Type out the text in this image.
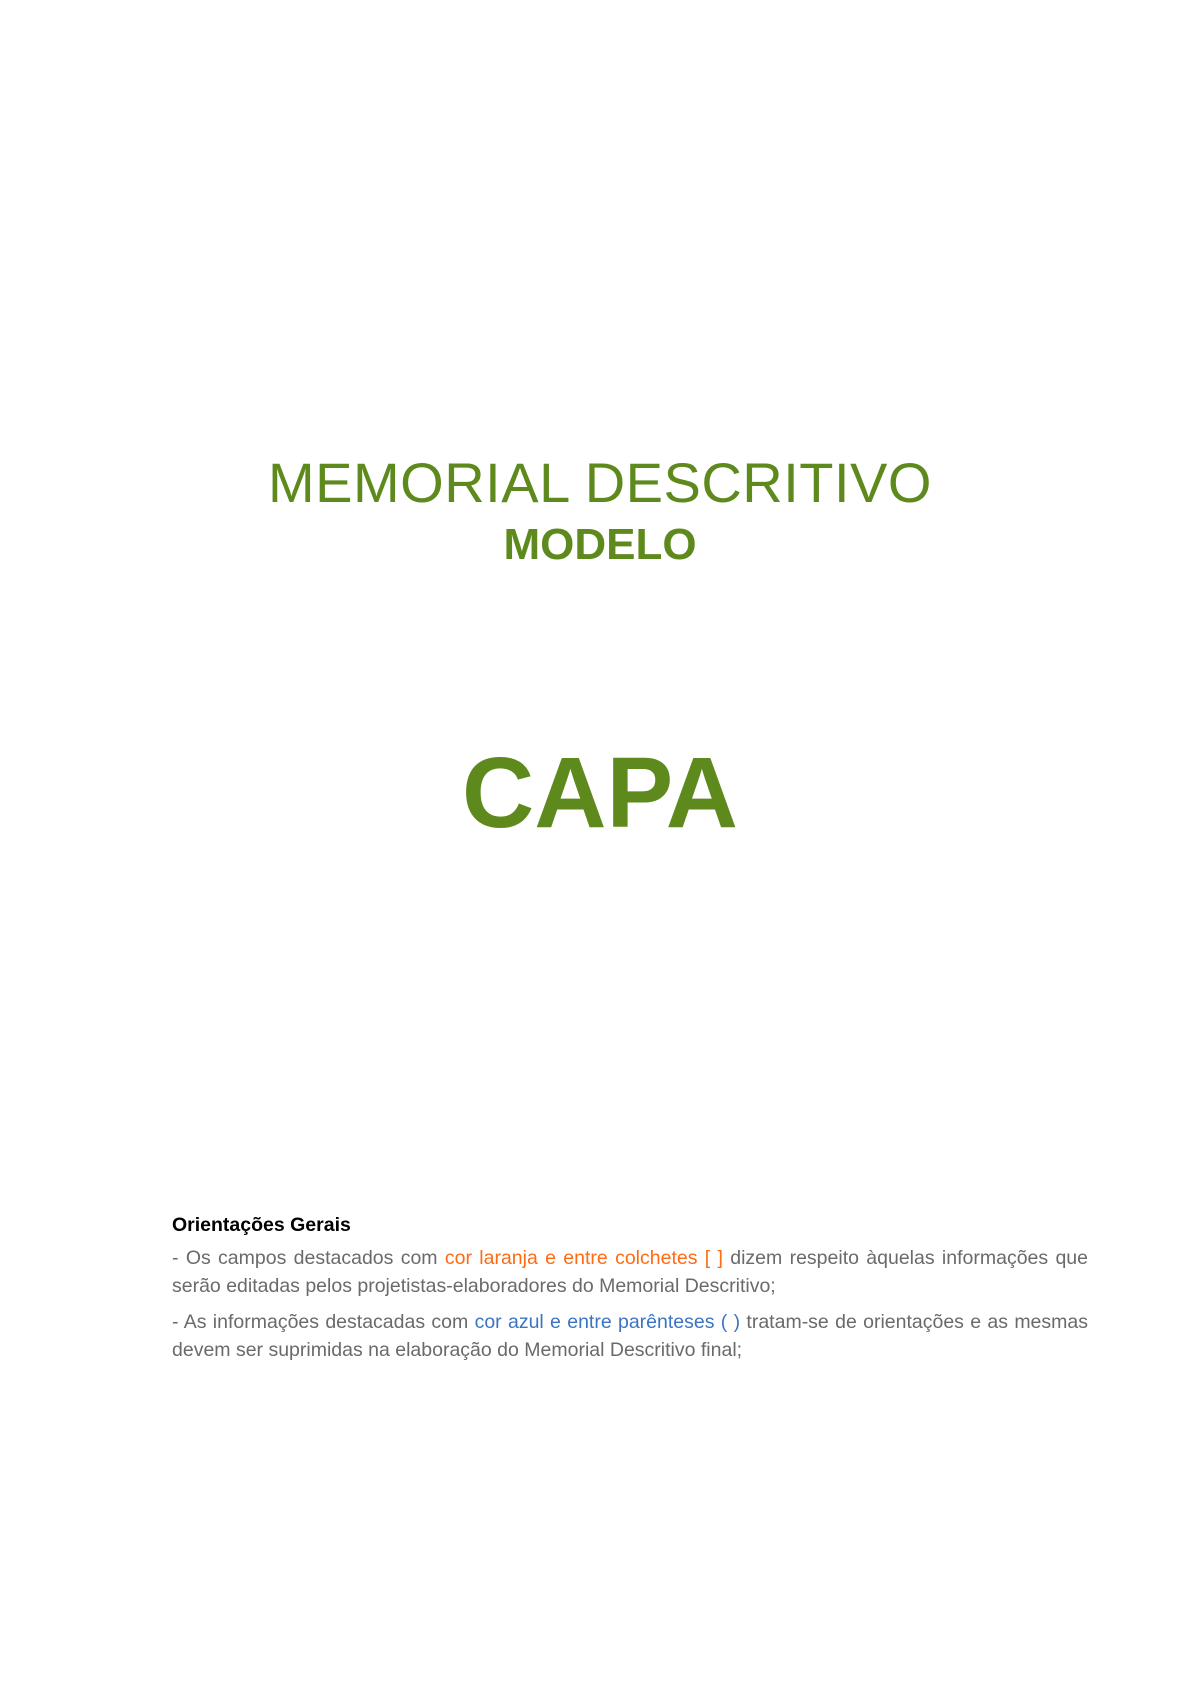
MEMORIAL DESCRITIVO
MODELO
CAPA
Orientações Gerais

- Os campos destacados com cor laranja e entre colchetes [ ] dizem respeito àquelas informações que serão editadas pelos projetistas-elaboradores do Memorial Descritivo;

- As informações destacadas com cor azul e entre parênteses ( ) tratam-se de orientações e as mesmas devem ser suprimidas na elaboração do Memorial Descritivo final;
